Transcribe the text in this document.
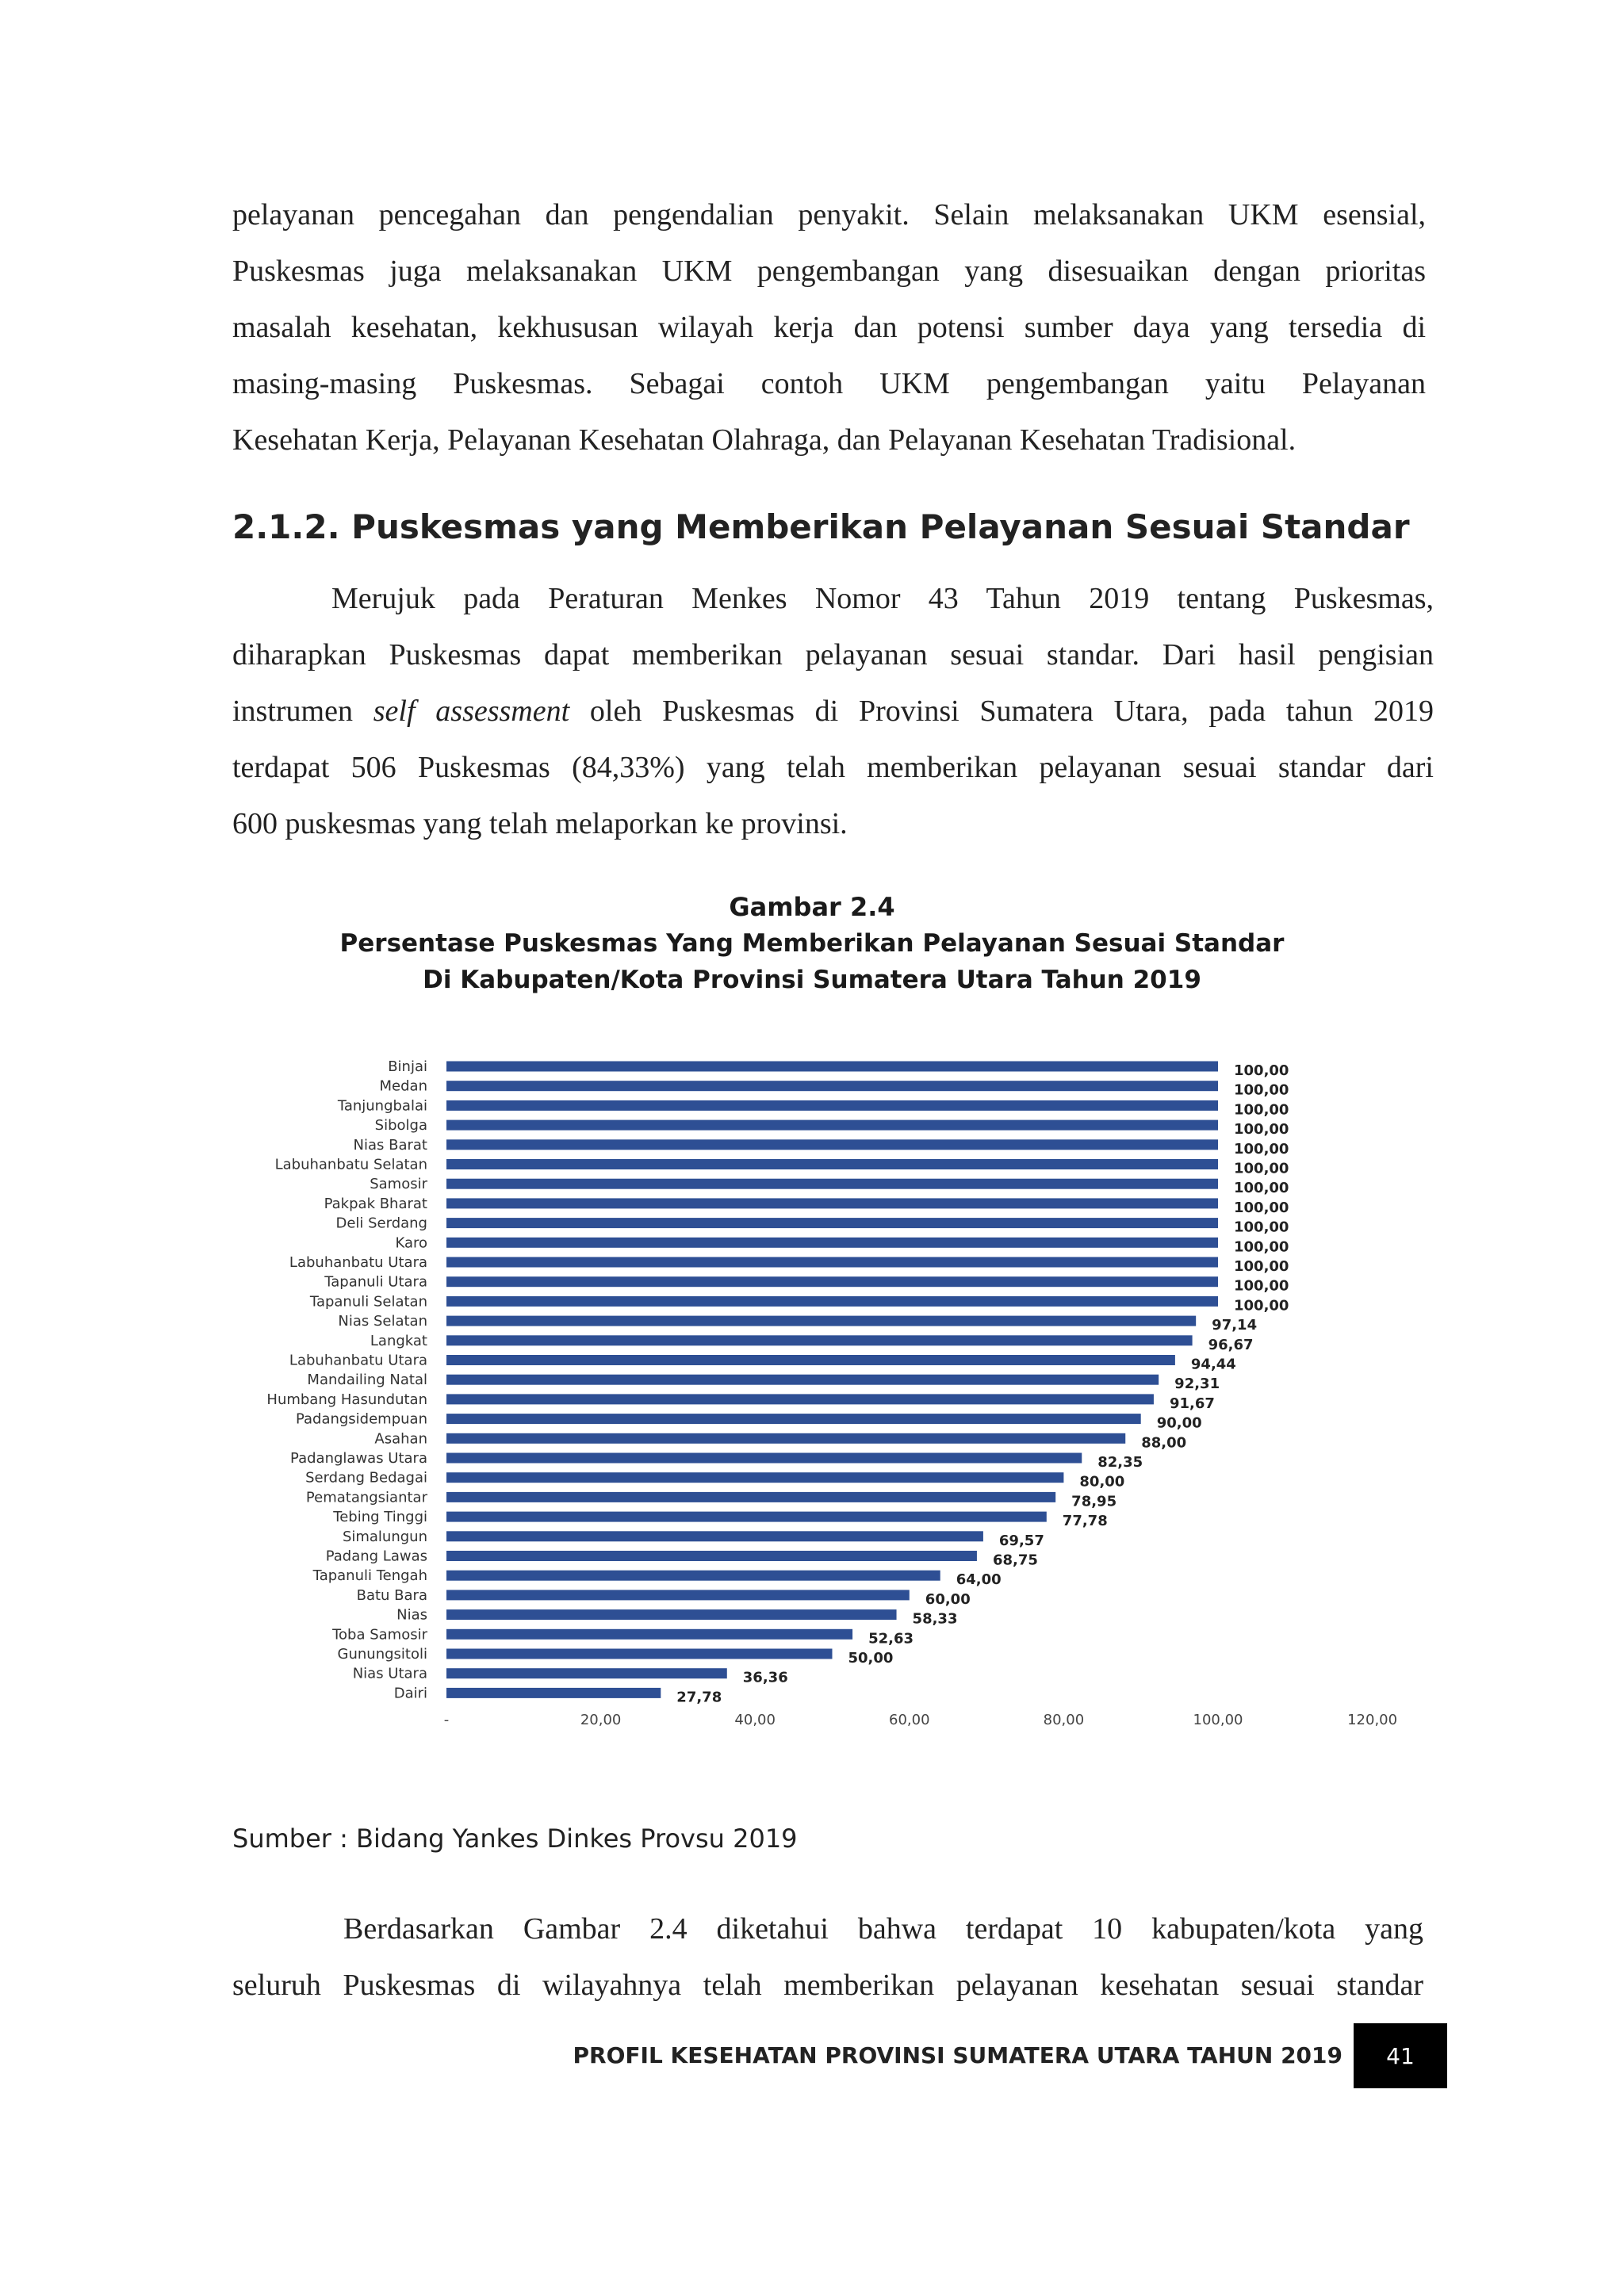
pelayanan pencegahan dan pengendalian penyakit. Selain melaksanakan UKM esensial,
Puskesmas juga melaksanakan UKM pengembangan yang disesuaikan dengan prioritas
masalah kesehatan, kekhususan wilayah kerja dan potensi sumber daya yang tersedia di
masing-masing Puskesmas. Sebagai contoh UKM pengembangan yaitu Pelayanan
Kesehatan Kerja, Pelayanan Kesehatan Olahraga, dan Pelayanan Kesehatan Tradisional.
2.1.2. Puskesmas yang Memberikan Pelayanan Sesuai Standar
Merujuk pada Peraturan Menkes Nomor 43 Tahun 2019 tentang Puskesmas,
diharapkan Puskesmas dapat memberikan pelayanan sesuai standar. Dari hasil pengisian
instrumen self assessment oleh Puskesmas di Provinsi Sumatera Utara, pada tahun 2019
terdapat 506 Puskesmas (84,33%) yang telah memberikan pelayanan sesuai standar dari
600 puskesmas yang telah melaporkan ke provinsi.
Gambar 2.4
Persentase Puskesmas Yang Memberikan Pelayanan Sesuai Standar
Di Kabupaten/Kota Provinsi Sumatera Utara Tahun 2019
Binjai	100,00
Medan	100,00
Tanjungbalai	100,00
Sibolga	100,00
Nias Barat	100,00
Labuhanbatu Selatan	100,00
Samosir	100,00
Pakpak Bharat	100,00
Deli Serdang	100,00
Karo	100,00
Labuhanbatu Utara	100,00
Tapanuli Utara	100,00
Tapanuli Selatan	100,00
Nias Selatan	97,14
Langkat	96,67
Labuhanbatu Utara	94,44
Mandailing Natal	92,31
Humbang Hasundutan	91,67
Padangsidempuan	90,00
Asahan	88,00
Padanglawas Utara	82,35
Serdang Bedagai	80,00
Pematangsiantar	78,95
Tebing Tinggi	77,78
Simalungun	69,57
Padang Lawas	68,75
Tapanuli Tengah	64,00
Batu Bara	60,00
Nias	58,33
Toba Samosir	52,63
Gunungsitoli	50,00
Nias Utara	36,36
Dairi	27,78
-	20,00	40,00	60,00	80,00	100,00	120,00

Sumber : Bidang Yankes Dinkes Provsu 2019

Berdasarkan Gambar 2.4 diketahui bahwa terdapat 10 kabupaten/kota yang
seluruh Puskesmas di wilayahnya telah memberikan pelayanan kesehatan sesuai standar
PROFIL KESEHATAN PROVINSI SUMATERA UTARA TAHUN 2019 41
